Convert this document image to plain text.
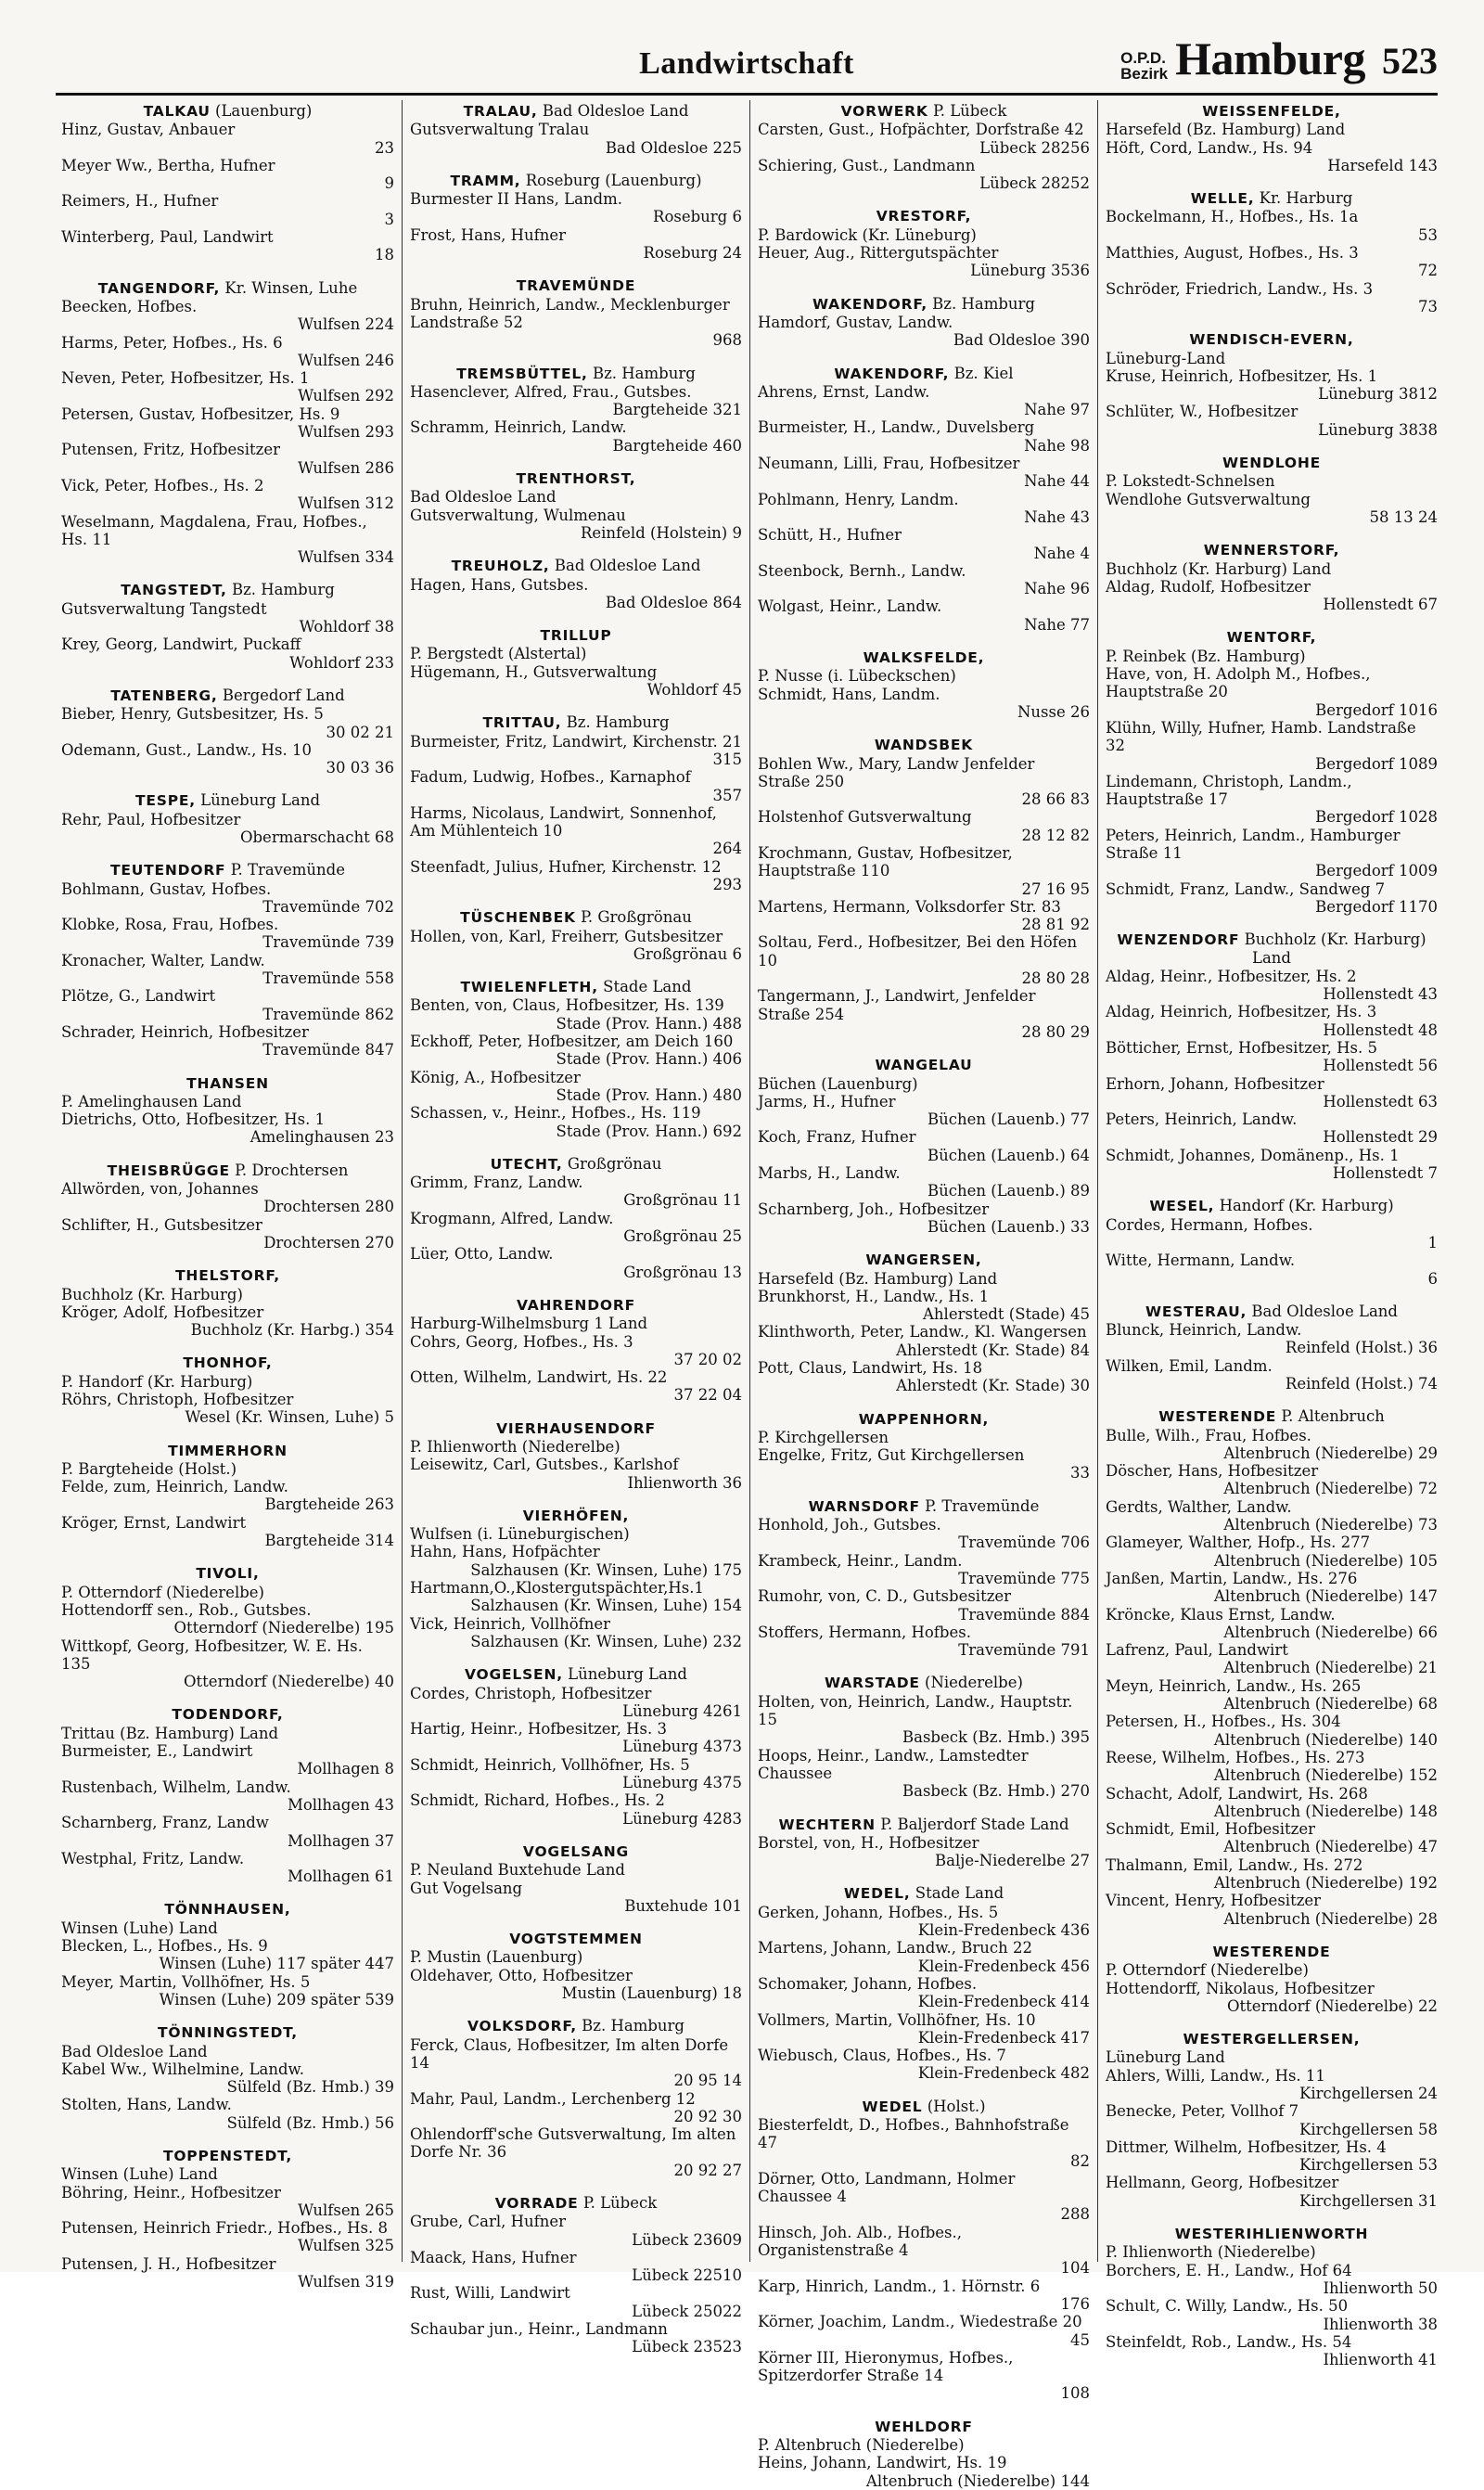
Landwirtschaft	O.P.D.
Bezirk Hamburg 523
TALKAU (Lauenburg)
Hinz, Gustav, Anbauer
23
Meyer Ww., Bertha, Hufner
9
Reimers, H., Hufner
3
Winterberg, Paul, Landwirt
18
TANGENDORF, Kr. Winsen, Luhe
Beecken, Hofbes.
Wulfsen 224
Harms, Peter, Hofbes., Hs. 6
Wulfsen 246
Neven, Peter, Hofbesitzer, Hs. 1
Wulfsen 292
Petersen, Gustav, Hofbesitzer, Hs. 9
Wulfsen 293
Putensen, Fritz, Hofbesitzer
Wulfsen 286
Vick, Peter, Hofbes., Hs. 2
Wulfsen 312
Weselmann, Magdalena, Frau, Hofbes., Hs. 11
Wulfsen 334
TANGSTEDT, Bz. Hamburg
Gutsverwaltung Tangstedt
Wohldorf 38
Krey, Georg, Landwirt, Puckaff
Wohldorf 233
TATENBERG, Bergedorf Land
Bieber, Henry, Gutsbesitzer, Hs. 5
30 02 21
Odemann, Gust., Landw., Hs. 10
30 03 36
TESPE, Lüneburg Land
Rehr, Paul, Hofbesitzer
Obermarschacht 68
TEUTENDORF P. Travemünde
Bohlmann, Gustav, Hofbes.
Travemünde 702
Klobke, Rosa, Frau, Hofbes.
Travemünde 739
Kronacher, Walter, Landw.
Travemünde 558
Plötze, G., Landwirt
Travemünde 862
Schrader, Heinrich, Hofbesitzer
Travemünde 847
THANSEN
P. Amelinghausen Land
Dietrichs, Otto, Hofbesitzer, Hs. 1
Amelinghausen 23
THEISBRÜGGE P. Drochtersen
Allwörden, von, Johannes
Drochtersen 280
Schlifter, H., Gutsbesitzer
Drochtersen 270
THELSTORF,
Buchholz (Kr. Harburg)
Kröger, Adolf, Hofbesitzer
Buchholz (Kr. Harbg.) 354
THONHOF,
P. Handorf (Kr. Harburg)
Röhrs, Christoph, Hofbesitzer
Wesel (Kr. Winsen, Luhe) 5
TIMMERHORN
P. Bargteheide (Holst.)
Felde, zum, Heinrich, Landw.
Bargteheide 263
Kröger, Ernst, Landwirt
Bargteheide 314
TIVOLI,
P. Otterndorf (Niederelbe)
Hottendorff sen., Rob., Gutsbes.
Otterndorf (Niederelbe) 195
Wittkopf, Georg, Hofbesitzer, W. E. Hs. 135
Otterndorf (Niederelbe) 40
TODENDORF,
Trittau (Bz. Hamburg) Land
Burmeister, E., Landwirt
Mollhagen 8
Rustenbach, Wilhelm, Landw.
Mollhagen 43
Scharnberg, Franz, Landw
Mollhagen 37
Westphal, Fritz, Landw.
Mollhagen 61
TÖNNHAUSEN,
Winsen (Luhe) Land
Blecken, L., Hofbes., Hs. 9
Winsen (Luhe) 117 später 447
Meyer, Martin, Vollhöfner, Hs. 5
Winsen (Luhe) 209 später 539
TÖNNINGSTEDT,
Bad Oldesloe Land
Kabel Ww., Wilhelmine, Landw.
Sülfeld (Bz. Hmb.) 39
Stolten, Hans, Landw.
Sülfeld (Bz. Hmb.) 56
TOPPENSTEDT,
Winsen (Luhe) Land
Böhring, Heinr., Hofbesitzer
Wulfsen 265
Putensen, Heinrich Friedr., Hofbes., Hs. 8
Wulfsen 325
Putensen, J. H., Hofbesitzer
Wulfsen 319
TRALAU, Bad Oldesloe Land
Gutsverwaltung Tralau
Bad Oldesloe 225
TRAMM, Roseburg (Lauenburg)
Burmester II Hans, Landm.
Roseburg 6
Frost, Hans, Hufner
Roseburg 24
TRAVEMÜNDE
Bruhn, Heinrich, Landw., Mecklenburger Landstraße 52
968
TREMSBÜTTEL, Bz. Hamburg
Hasenclever, Alfred, Frau., Gutsbes.
Bargteheide 321
Schramm, Heinrich, Landw.
Bargteheide 460
TRENTHORST,
Bad Oldesloe Land
Gutsverwaltung, Wulmenau
Reinfeld (Holstein) 9
TREUHOLZ, Bad Oldesloe Land
Hagen, Hans, Gutsbes.
Bad Oldesloe 864
TRILLUP
P. Bergstedt (Alstertal)
Hügemann, H., Gutsverwaltung
Wohldorf 45
TRITTAU, Bz. Hamburg
Burmeister, Fritz, Landwirt, Kirchenstr. 21
315
Fadum, Ludwig, Hofbes., Karnaphof
357
Harms, Nicolaus, Landwirt, Sonnenhof, Am Mühlenteich 10
264
Steenfadt, Julius, Hufner, Kirchenstr. 12
293
TÜSCHENBEK P. Großgrönau
Hollen, von, Karl, Freiherr, Gutsbesitzer
Großgrönau 6
TWIELENFLETH, Stade Land
Benten, von, Claus, Hofbesitzer, Hs. 139
Stade (Prov. Hann.) 488
Eckhoff, Peter, Hofbesitzer, am Deich 160
Stade (Prov. Hann.) 406
König, A., Hofbesitzer
Stade (Prov. Hann.) 480
Schassen, v., Heinr., Hofbes., Hs. 119
Stade (Prov. Hann.) 692
UTECHT, Großgrönau
Grimm, Franz, Landw.
Großgrönau 11
Krogmann, Alfred, Landw.
Großgrönau 25
Lüer, Otto, Landw.
Großgrönau 13
VAHRENDORF
Harburg-Wilhelmsburg 1 Land
Cohrs, Georg, Hofbes., Hs. 3
37 20 02
Otten, Wilhelm, Landwirt, Hs. 22
37 22 04
VIERHAUSENDORF
P. Ihlienworth (Niederelbe)
Leisewitz, Carl, Gutsbes., Karlshof
Ihlienworth 36
VIERHÖFEN,
Wulfsen (i. Lüneburgischen)
Hahn, Hans, Hofpächter
Salzhausen (Kr. Winsen, Luhe) 175
Hartmann,O.,Klostergutspächter,Hs.1
Salzhausen (Kr. Winsen, Luhe) 154
Vick, Heinrich, Vollhöfner
Salzhausen (Kr. Winsen, Luhe) 232
VOGELSEN, Lüneburg Land
Cordes, Christoph, Hofbesitzer
Lüneburg 4261
Hartig, Heinr., Hofbesitzer, Hs. 3
Lüneburg 4373
Schmidt, Heinrich, Vollhöfner, Hs. 5
Lüneburg 4375
Schmidt, Richard, Hofbes., Hs. 2
Lüneburg 4283
VOGELSANG
P. Neuland Buxtehude Land
Gut Vogelsang
Buxtehude 101
VOGTSTEMMEN
P. Mustin (Lauenburg)
Oldehaver, Otto, Hofbesitzer
Mustin (Lauenburg) 18
VOLKSDORF, Bz. Hamburg
Ferck, Claus, Hofbesitzer, Im alten Dorfe 14
20 95 14
Mahr, Paul, Landm., Lerchenberg 12
20 92 30
Ohlendorff'sche Gutsverwaltung, Im alten Dorfe Nr. 36
20 92 27
VORRADE P. Lübeck
Grube, Carl, Hufner
Lübeck 23609
Maack, Hans, Hufner
Lübeck 22510
Rust, Willi, Landwirt
Lübeck 25022
Schaubar jun., Heinr., Landmann
Lübeck 23523
VORWERK P. Lübeck
Carsten, Gust., Hofpächter, Dorfstraße 42
Lübeck 28256
Schiering, Gust., Landmann
Lübeck 28252
VRESTORF,
P. Bardowick (Kr. Lüneburg)
Heuer, Aug., Rittergutspächter
Lüneburg 3536
WAKENDORF, Bz. Hamburg
Hamdorf, Gustav, Landw.
Bad Oldesloe 390
WAKENDORF, Bz. Kiel
Ahrens, Ernst, Landw.
Nahe 97
Burmeister, H., Landw., Duvelsberg
Nahe 98
Neumann, Lilli, Frau, Hofbesitzer
Nahe 44
Pohlmann, Henry, Landm.
Nahe 43
Schütt, H., Hufner
Nahe 4
Steenbock, Bernh., Landw.
Nahe 96
Wolgast, Heinr., Landw.
Nahe 77
WALKSFELDE,
P. Nusse (i. Lübeckschen)
Schmidt, Hans, Landm.
Nusse 26
WANDSBEK
Bohlen Ww., Mary, Landw Jenfelder Straße 250
28 66 83
Holstenhof Gutsverwaltung
28 12 82
Krochmann, Gustav, Hofbesitzer, Hauptstraße 110
27 16 95
Martens, Hermann, Volksdorfer Str. 83
28 81 92
Soltau, Ferd., Hofbesitzer, Bei den Höfen 10
28 80 28
Tangermann, J., Landwirt, Jenfelder Straße 254
28 80 29
WANGELAU
Büchen (Lauenburg)
Jarms, H., Hufner
Büchen (Lauenb.) 77
Koch, Franz, Hufner
Büchen (Lauenb.) 64
Marbs, H., Landw.
Büchen (Lauenb.) 89
Scharnberg, Joh., Hofbesitzer
Büchen (Lauenb.) 33
WANGERSEN,
Harsefeld (Bz. Hamburg) Land
Brunkhorst, H., Landw., Hs. 1
Ahlerstedt (Stade) 45
Klinthworth, Peter, Landw., Kl. Wangersen
Ahlerstedt (Kr. Stade) 84
Pott, Claus, Landwirt, Hs. 18
Ahlerstedt (Kr. Stade) 30
WAPPENHORN,
P. Kirchgellersen
Engelke, Fritz, Gut Kirchgellersen
33
WARNSDORF P. Travemünde
Honhold, Joh., Gutsbes.
Travemünde 706
Krambeck, Heinr., Landm.
Travemünde 775
Rumohr, von, C. D., Gutsbesitzer
Travemünde 884
Stoffers, Hermann, Hofbes.
Travemünde 791
WARSTADE (Niederelbe)
Holten, von, Heinrich, Landw., Hauptstr. 15
Basbeck (Bz. Hmb.) 395
Hoops, Heinr., Landw., Lamstedter Chaussee
Basbeck (Bz. Hmb.) 270
WECHTERN P. Baljerdorf Stade Land
Borstel, von, H., Hofbesitzer
Balje-Niederelbe 27
WEDEL, Stade Land
Gerken, Johann, Hofbes., Hs. 5
Klein-Fredenbeck 436
Martens, Johann, Landw., Bruch 22
Klein-Fredenbeck 456
Schomaker, Johann, Hofbes.
Klein-Fredenbeck 414
Vollmers, Martin, Vollhöfner, Hs. 10
Klein-Fredenbeck 417
Wiebusch, Claus, Hofbes., Hs. 7
Klein-Fredenbeck 482
WEDEL (Holst.)
Biesterfeldt, D., Hofbes., Bahnhofstraße 47
82
Dörner, Otto, Landmann, Holmer Chaussee 4
288
Hinsch, Joh. Alb., Hofbes., Organistenstraße 4
104
Karp, Hinrich, Landm., 1. Hörnstr. 6
176
Körner, Joachim, Landm., Wiedestraße 20
45
Körner III, Hieronymus, Hofbes., Spitzerdorfer Straße 14
108
WEHLDORF
P. Altenbruch (Niederelbe)
Heins, Johann, Landwirt, Hs. 19
Altenbruch (Niederelbe) 144
WEISSENFELDE,
Harsefeld (Bz. Hamburg) Land
Höft, Cord, Landw., Hs. 94
Harsefeld 143
WELLE, Kr. Harburg
Bockelmann, H., Hofbes., Hs. 1a
53
Matthies, August, Hofbes., Hs. 3
72
Schröder, Friedrich, Landw., Hs. 3
73
WENDISCH-EVERN,
Lüneburg-Land
Kruse, Heinrich, Hofbesitzer, Hs. 1
Lüneburg 3812
Schlüter, W., Hofbesitzer
Lüneburg 3838
WENDLOHE
P. Lokstedt-Schnelsen
Wendlohe Gutsverwaltung
58 13 24
WENNERSTORF,
Buchholz (Kr. Harburg) Land
Aldag, Rudolf, Hofbesitzer
Hollenstedt 67
WENTORF,
P. Reinbek (Bz. Hamburg)
Have, von, H. Adolph M., Hofbes., Hauptstraße 20
Bergedorf 1016
Klühn, Willy, Hufner, Hamb. Landstraße 32
Bergedorf 1089
Lindemann, Christoph, Landm., Hauptstraße 17
Bergedorf 1028
Peters, Heinrich, Landm., Hamburger Straße 11
Bergedorf 1009
Schmidt, Franz, Landw., Sandweg 7
Bergedorf 1170
WENZENDORF Buchholz (Kr. Harburg) Land
Aldag, Heinr., Hofbesitzer, Hs. 2
Hollenstedt 43
Aldag, Heinrich, Hofbesitzer, Hs. 3
Hollenstedt 48
Bötticher, Ernst, Hofbesitzer, Hs. 5
Hollenstedt 56
Erhorn, Johann, Hofbesitzer
Hollenstedt 63
Peters, Heinrich, Landw.
Hollenstedt 29
Schmidt, Johannes, Domänenp., Hs. 1
Hollenstedt 7
WESEL, Handorf (Kr. Harburg)
Cordes, Hermann, Hofbes.
1
Witte, Hermann, Landw.
6
WESTERAU, Bad Oldesloe Land
Blunck, Heinrich, Landw.
Reinfeld (Holst.) 36
Wilken, Emil, Landm.
Reinfeld (Holst.) 74
WESTERENDE P. Altenbruch
Bulle, Wilh., Frau, Hofbes.
Altenbruch (Niederelbe) 29
Döscher, Hans, Hofbesitzer
Altenbruch (Niederelbe) 72
Gerdts, Walther, Landw.
Altenbruch (Niederelbe) 73
Glameyer, Walther, Hofp., Hs. 277
Altenbruch (Niederelbe) 105
Janßen, Martin, Landw., Hs. 276
Altenbruch (Niederelbe) 147
Kröncke, Klaus Ernst, Landw.
Altenbruch (Niederelbe) 66
Lafrenz, Paul, Landwirt
Altenbruch (Niederelbe) 21
Meyn, Heinrich, Landw., Hs. 265
Altenbruch (Niederelbe) 68
Petersen, H., Hofbes., Hs. 304
Altenbruch (Niederelbe) 140
Reese, Wilhelm, Hofbes., Hs. 273
Altenbruch (Niederelbe) 152
Schacht, Adolf, Landwirt, Hs. 268
Altenbruch (Niederelbe) 148
Schmidt, Emil, Hofbesitzer
Altenbruch (Niederelbe) 47
Thalmann, Emil, Landw., Hs. 272
Altenbruch (Niederelbe) 192
Vincent, Henry, Hofbesitzer
Altenbruch (Niederelbe) 28
WESTERENDE
P. Otterndorf (Niederelbe)
Hottendorff, Nikolaus, Hofbesitzer
Otterndorf (Niederelbe) 22
WESTERGELLERSEN,
Lüneburg Land
Ahlers, Willi, Landw., Hs. 11
Kirchgellersen 24
Benecke, Peter, Vollhof 7
Kirchgellersen 58
Dittmer, Wilhelm, Hofbesitzer, Hs. 4
Kirchgellersen 53
Hellmann, Georg, Hofbesitzer
Kirchgellersen 31
WESTERIHLIENWORTH
P. Ihlienworth (Niederelbe)
Borchers, E. H., Landw., Hof 64
Ihlienworth 50
Schult, C. Willy, Landw., Hs. 50
Ihlienworth 38
Steinfeldt, Rob., Landw., Hs. 54
Ihlienworth 41
